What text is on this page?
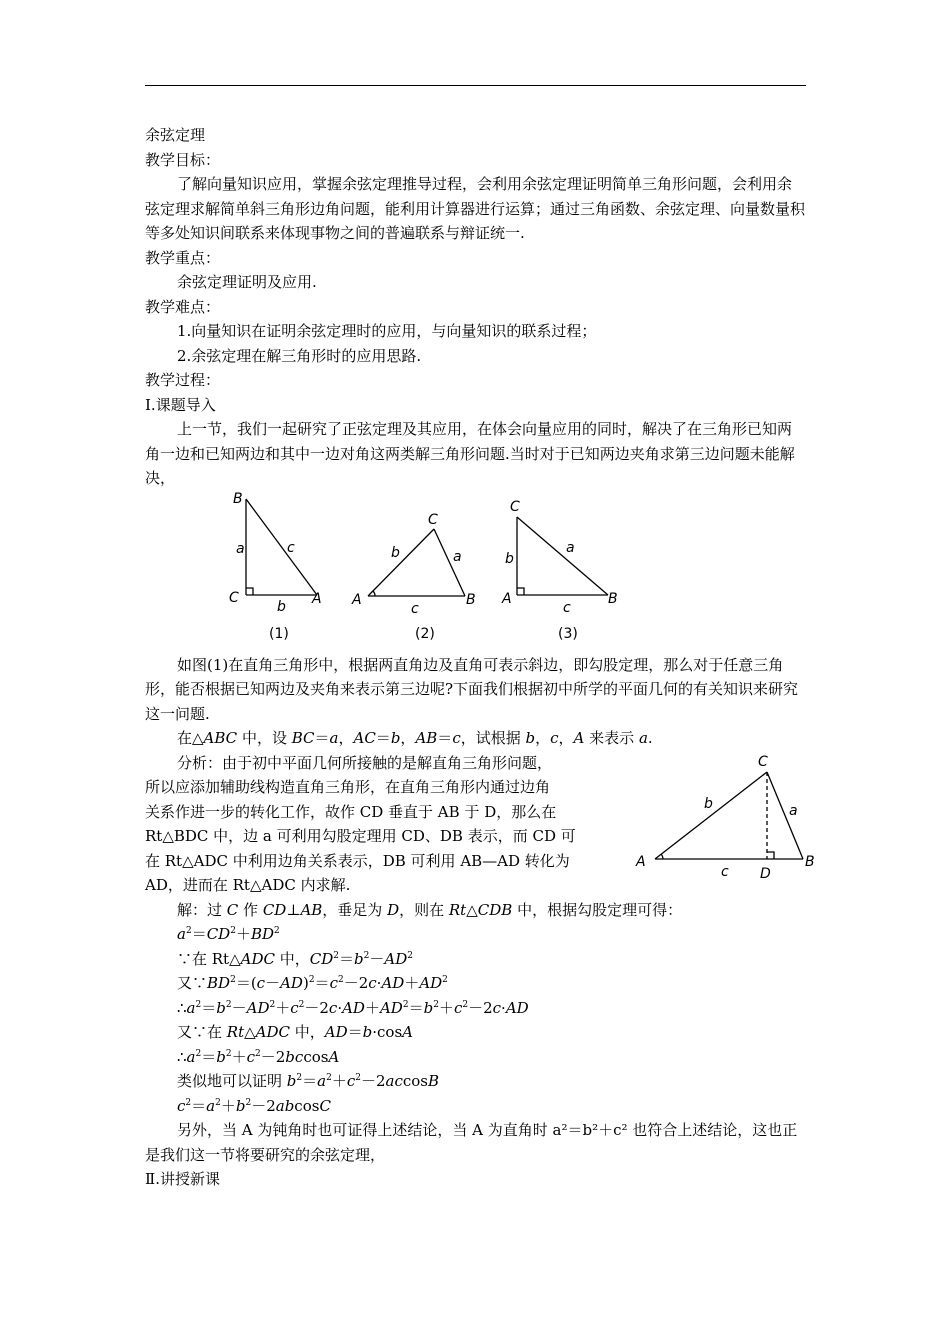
余弦定理

教学目标：

了解向量知识应用，掌握余弦定理推导过程，会利用余弦定理证明简单三角形问题，会利用余弦定理求解简单斜三角形边角问题，能利用计算器进行运算；通过三角函数、余弦定理、向量数量积等多处知识间联系来体现事物之间的普遍联系与辩证统一.

教学重点：

余弦定理证明及应用.

教学难点：

1.向量知识在证明余弦定理时的应用，与向量知识的联系过程；

2.余弦定理在解三角形时的应用思路.

教学过程：

Ⅰ.课题导入

上一节，我们一起研究了正弦定理及其应用，在体会向量应用的同时，解决了在三角形已知两角一边和已知两边和其中一边对角这两类解三角形问题.当时对于已知两边夹角求第三边问题未能解决，

B
C	A
a
b
c
(1)
C
A	B
b	a
c
(2)
C
A	B
b
a
c
(3)

如图(1)在直角三角形中，根据两直角边及直角可表示斜边，即勾股定理，那么对于任意三角形，能否根据已知两边及夹角来表示第三边呢?下面我们根据初中所学的平面几何的有关知识来研究这一问题.

在△ABC 中，设 BC＝a，AC＝b，AB＝c，试根据 b，c，A 来表示 a.

分析：由于初中平面几何所接触的是解直角三角形问题，

所以应添加辅助线构造直角三角形，在直角三角形内通过边角

关系作进一步的转化工作，故作 CD 垂直于 AB 于 D，那么在

Rt△BDC 中，边 a 可利用勾股定理用 CD、DB 表示，而 CD 可

在 Rt△ADC 中利用边角关系表示，DB 可利用 AB—AD 转化为

AD，进而在 Rt△ADC 内求解.

C
A	B
D
b	a
c

解：过 C 作 CD⊥AB，垂足为 D，则在 Rt△CDB 中，根据勾股定理可得：

$a^2=CD^2+BD^2$

∵在 Rt△ADC 中，$CD^2=b^2-AD^2$

又$\because BD^2=(c-AD)^2=c^2-2c\cdot AD+AD^2$

$\therefore a^2=b^2-AD^2+c^2-2c\cdot AD+AD^2=b^2+c^2-2c\cdot AD$

又∵在 Rt△ADC 中，AD＝b·cosA

$\therefore a^2=b^2+c^2-2bccosA$

类似地可以证明 $b^2=a^2+c^2-2accosB$

$c^2=a^2+b^2-2abcosC$

另外，当 A 为钝角时也可证得上述结论，当 A 为直角时 a²＝b²＋c² 也符合上述结论，这也正是我们这一节将要研究的余弦定理，

Ⅱ.讲授新课
